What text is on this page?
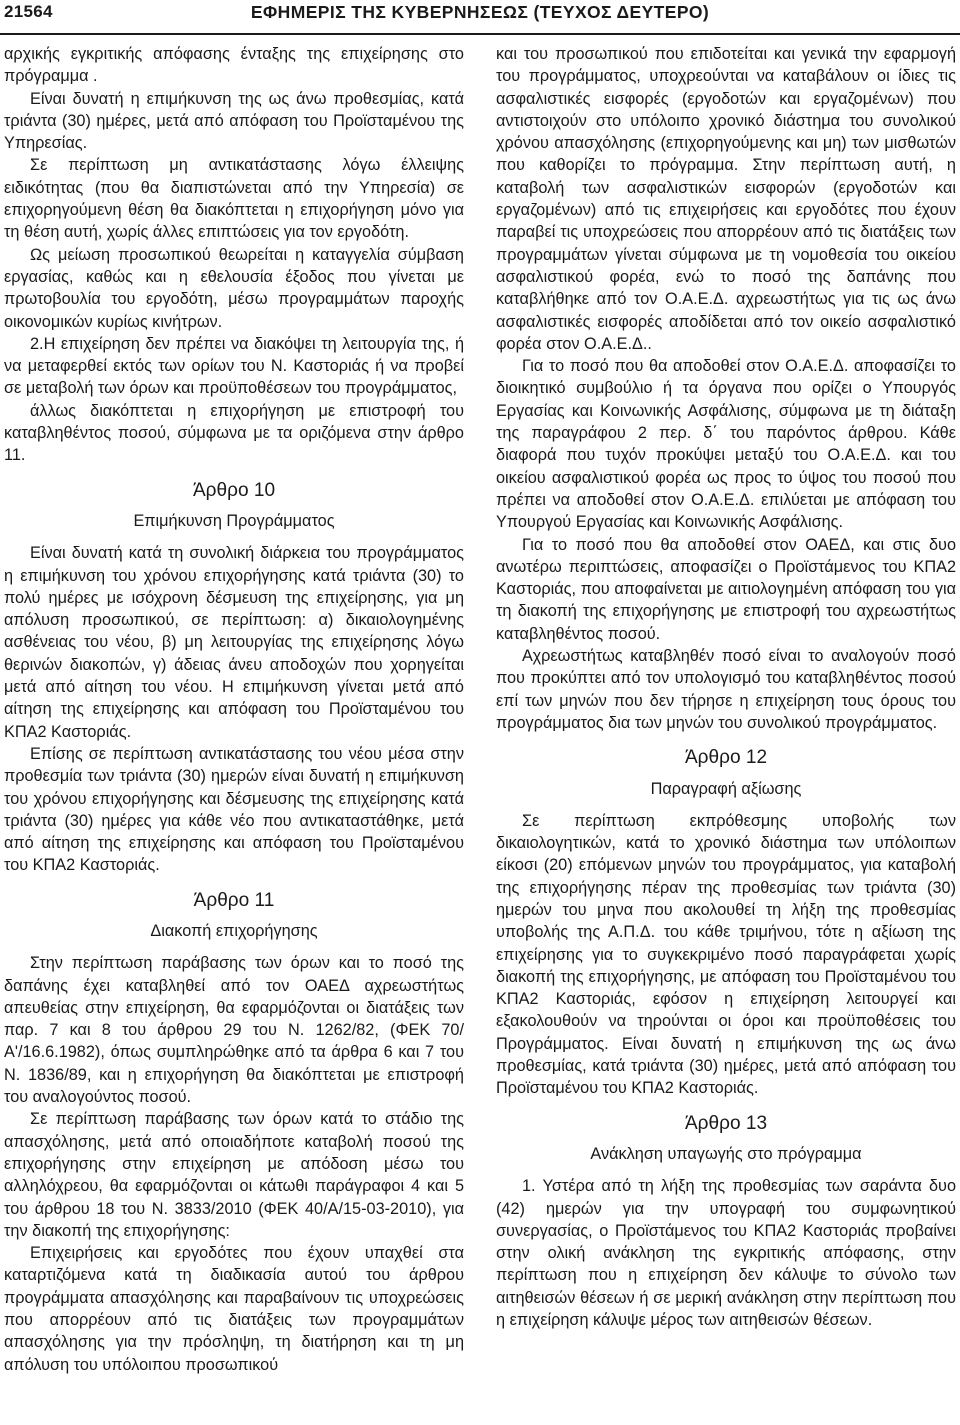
21564	ΕΦΗΜΕΡΙΣ ΤΗΣ ΚΥΒΕΡΝΗΣΕΩΣ (ΤΕΥΧΟΣ ΔΕΥΤΕΡΟ)

αρχικής εγκριτικής απόφασης ένταξης της επιχείρησης στο πρόγραμμα .

Είναι δυνατή η επιμήκυνση της ως άνω προθεσμίας, κατά τριάντα (30) ημέρες, μετά από απόφαση του Προϊσταμένου της Υπηρεσίας.

Σε περίπτωση μη αντικατάστασης λόγω έλλειψης ειδικότητας (που θα διαπιστώνεται από την Υπηρεσία) σε επιχορηγούμενη θέση θα διακόπτεται η επιχορήγηση μόνο για τη θέση αυτή, χωρίς άλλες επιπτώσεις για τον εργοδότη.

Ως μείωση προσωπικού θεωρείται η καταγγελία σύμβαση εργασίας, καθώς και η εθελουσία έξοδος που γίνεται με πρωτοβουλία του εργοδότη, μέσω προγραμμάτων παροχής οικονομικών κυρίως κινήτρων.

2.Η επιχείρηση δεν πρέπει να διακόψει τη λειτουργία της, ή να μεταφερθεί εκτός των ορίων του Ν. Καστοριάς ή να προβεί σε μεταβολή των όρων και προϋποθέσεων του προγράμματος,

άλλως διακόπτεται η επιχορήγηση με επιστροφή του καταβληθέντος ποσού, σύμφωνα με τα οριζόμενα στην άρθρο 11.

Άρθρο 10
Επιμήκυνση Προγράμματος

Είναι δυνατή κατά τη συνολική διάρκεια του προγράμματος η επιμήκυνση του χρόνου επιχορήγησης κατά τριάντα (30) το πολύ ημέρες με ισόχρονη δέσμευση της επιχείρησης, για μη απόλυση προσωπικού, σε περίπτωση: α) δικαιολογημένης ασθένειας του νέου, β) μη λειτουργίας της επιχείρησης λόγω θερινών διακοπών, γ) άδειας άνευ αποδοχών που χορηγείται μετά από αίτηση του νέου. Η επιμήκυνση γίνεται μετά από αίτηση της επιχείρησης και απόφαση του Προϊσταμένου του ΚΠΑ2 Καστοριάς.

Επίσης σε περίπτωση αντικατάστασης του νέου μέσα στην προθεσμία των τριάντα (30) ημερών είναι δυνατή η επιμήκυνση του χρόνου επιχορήγησης και δέσμευσης της επιχείρησης κατά τριάντα (30) ημέρες για κάθε νέο που αντικαταστάθηκε, μετά από αίτηση της επιχείρησης και απόφαση του Προϊσταμένου του ΚΠΑ2 Καστοριάς.

Άρθρο 11
Διακοπή επιχορήγησης

Στην περίπτωση παράβασης των όρων και το ποσό της δαπάνης έχει καταβληθεί από τον ΟΑΕΔ αχρεωστήτως απευθείας στην επιχείρηση, θα εφαρμόζονται οι διατάξεις των παρ. 7 και 8 του άρθρου 29 του Ν. 1262/82, (ΦΕΚ 70/Α'/16.6.1982), όπως συμπληρώθηκε από τα άρθρα 6 και 7 του Ν. 1836/89, και η επιχορήγηση θα διακόπτεται με επιστροφή του αναλογούντος ποσού.

Σε περίπτωση παράβασης των όρων κατά το στάδιο της απασχόλησης, μετά από οποιαδήποτε καταβολή ποσού της επιχορήγησης στην επιχείρηση με απόδοση μέσω του αλληλόχρεου, θα εφαρμόζονται οι κάτωθι παράγραφοι 4 και 5 του άρθρου 18 του Ν. 3833/2010 (ΦΕΚ 40/Α/15-03-2010), για την διακοπή της επιχορήγησης:

Επιχειρήσεις και εργοδότες που έχουν υπαχθεί στα καταρτιζόμενα κατά τη διαδικασία αυτού του άρθρου προγράμματα απασχόλησης και παραβαίνουν τις υποχρεώσεις που απορρέουν από τις διατάξεις των προγραμμάτων απασχόλησης για την πρόσληψη, τη διατήρηση και τη μη απόλυση του υπόλοιπου προσωπικού

και του προσωπικού που επιδοτείται και γενικά την εφαρμογή του προγράμματος, υποχρεούνται να καταβάλουν οι ίδιες τις ασφαλιστικές εισφορές (εργοδοτών και εργαζομένων) που αντιστοιχούν στο υπόλοιπο χρονικό διάστημα του συνολικού χρόνου απασχόλησης (επιχορηγούμενης και μη) των μισθωτών που καθορίζει το πρόγραμμα. Στην περίπτωση αυτή, η καταβολή των ασφαλιστικών εισφορών (εργοδοτών και εργαζομένων) από τις επιχειρήσεις και εργοδότες που έχουν παραβεί τις υποχρεώσεις που απορρέουν από τις διατάξεις των προγραμμάτων γίνεται σύμφωνα με τη νομοθεσία του οικείου ασφαλιστικού φορέα, ενώ το ποσό της δαπάνης που καταβλήθηκε από τον Ο.Α.Ε.Δ. αχρεωστήτως για τις ως άνω ασφαλιστικές εισφορές αποδίδεται από τον οικείο ασφαλιστικό φορέα στον Ο.Α.Ε.Δ..

Για το ποσό που θα αποδοθεί στον Ο.Α.Ε.Δ. αποφασίζει το διοικητικό συμβούλιο ή τα όργανα που ορίζει ο Υπουργός Εργασίας και Κοινωνικής Ασφάλισης, σύμφωνα με τη διάταξη της παραγράφου 2 περ. δ΄ του παρόντος άρθρου. Κάθε διαφορά που τυχόν προκύψει μεταξύ του Ο.Α.Ε.Δ. και του οικείου ασφαλιστικού φορέα ως προς το ύψος του ποσού που πρέπει να αποδοθεί στον Ο.Α.Ε.Δ. επιλύεται με απόφαση του Υπουργού Εργασίας και Κοινωνικής Ασφάλισης.

Για το ποσό που θα αποδοθεί στον ΟΑΕΔ, και στις δυο ανωτέρω περιπτώσεις, αποφασίζει ο Προϊστάμενος του ΚΠΑ2 Καστοριάς, που αποφαίνεται με αιτιολογημένη απόφαση του για τη διακοπή της επιχορήγησης με επιστροφή του αχρεωστήτως καταβληθέντος ποσού.

Αχρεωστήτως καταβληθέν ποσό είναι το αναλογούν ποσό που προκύπτει από τον υπολογισμό του καταβληθέντος ποσού επί των μηνών που δεν τήρησε η επιχείρηση τους όρους του προγράμματος δια των μηνών του συνολικού προγράμματος.

Άρθρο 12
Παραγραφή αξίωσης

Σε περίπτωση εκπρόθεσμης υποβολής των δικαιολογητικών, κατά το χρονικό διάστημα των υπόλοιπων είκοσι (20) επόμενων μηνών του προγράμματος, για καταβολή της επιχορήγησης πέραν της προθεσμίας των τριάντα (30) ημερών του μηνα που ακολουθεί τη λήξη της προθεσμίας υποβολής της Α.Π.Δ. του κάθε τριμήνου, τότε η αξίωση της επιχείρησης για το συγκεκριμένο ποσό παραγράφεται χωρίς διακοπή της επιχορήγησης, με απόφαση του Προϊσταμένου του ΚΠΑ2 Καστοριάς, εφόσον η επιχείρηση λειτουργεί και εξακολουθούν να τηρούνται οι όροι και προϋποθέσεις του Προγράμματος. Είναι δυνατή η επιμήκυνση της ως άνω προθεσμίας, κατά τριάντα (30) ημέρες, μετά από απόφαση του Προϊσταμένου του ΚΠΑ2 Καστοριάς.

Άρθρο 13
Ανάκληση υπαγωγής στο πρόγραμμα

1. Υστέρα από τη λήξη της προθεσμίας των σαράντα δυο (42) ημερών για την υπογραφή του συμφωνητικού συνεργασίας, ο Προϊστάμενος του ΚΠΑ2 Καστοριάς προβαίνει στην ολική ανάκληση της εγκριτικής απόφασης, στην περίπτωση που η επιχείρηση δεν κάλυψε το σύνολο των αιτηθεισών θέσεων ή σε μερική ανάκληση στην περίπτωση που η επιχείρηση κάλυψε μέρος των αιτηθεισών θέσεων.
